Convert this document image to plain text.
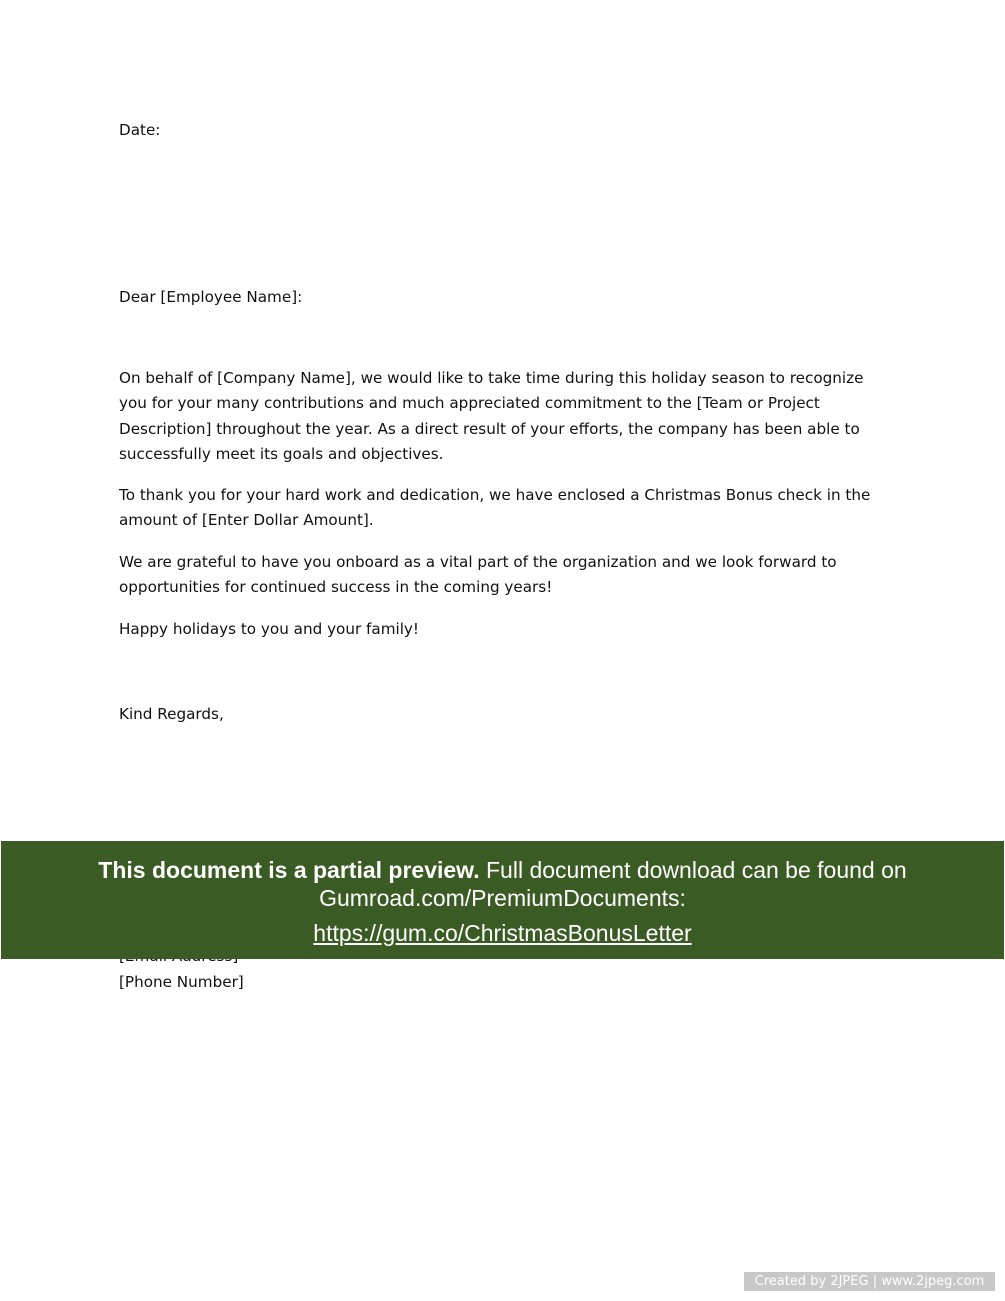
Date:

Dear [Employee Name]:

On behalf of [Company Name], we would like to take time during this holiday season to recognize you for your many contributions and much appreciated commitment to the [Team or Project Description] throughout the year. As a direct result of your efforts, the company has been able to successfully meet its goals and objectives.

To thank you for your hard work and dedication, we have enclosed a Christmas Bonus check in the amount of [Enter Dollar Amount].

We are grateful to have you onboard as a vital part of the organization and we look forward to opportunities for continued success in the coming years!

Happy holidays to you and your family!

Kind Regards,

[Phone Number]

This document is a partial preview. Full document download can be found on
Gumroad.com/PremiumDocuments:
https://gum.co/ChristmasBonusLetter
Created by 2JPEG | www.2jpeg.com
